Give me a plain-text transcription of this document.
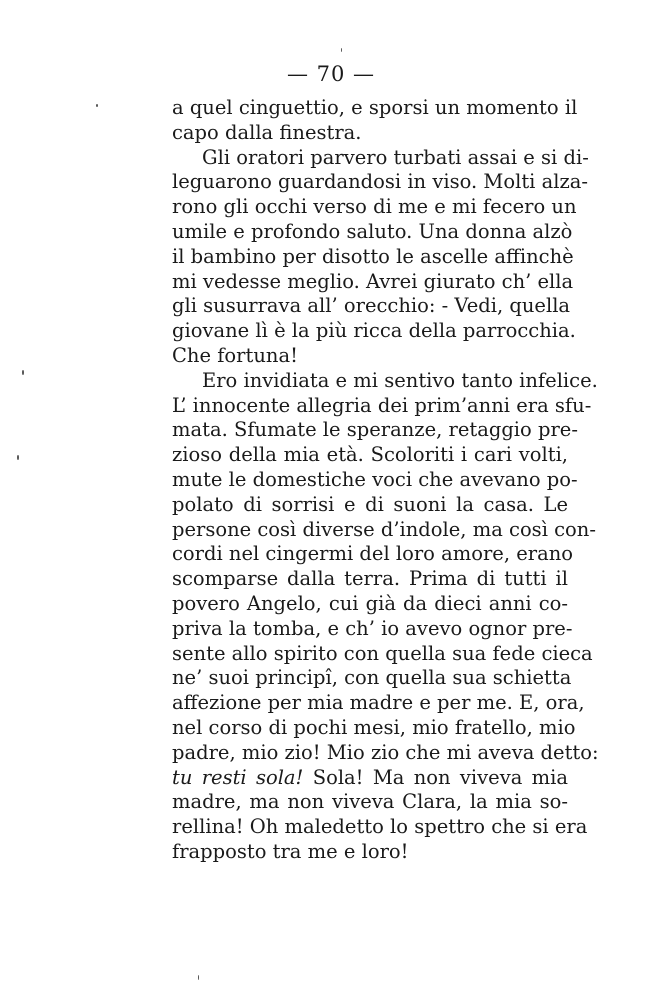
— 70 —
a quel cinguettio, e sporsi un momento il
capo dalla finestra.
Gli oratori parvero turbati assai e si di-
leguarono guardandosi in viso. Molti alza-
rono gli occhi verso di me e mi fecero un
umile e profondo saluto. Una donna alzò
il bambino per disotto le ascelle affinchè
mi vedesse meglio. Avrei giurato ch’ ella
gli susurrava all’ orecchio: - Vedi, quella
giovane lì è la più ricca della parrocchia.
Che fortuna!
Ero invidiata e mi sentivo tanto infelice.
L’ innocente allegria dei prim’anni era sfu-
mata. Sfumate le speranze, retaggio pre-
zioso della mia età. Scoloriti i cari volti,
mute le domestiche voci che avevano po-
polato di sorrisi e di suoni la casa. Le
persone così diverse d’indole, ma così con-
cordi nel cingermi del loro amore, erano
scomparse dalla terra. Prima di tutti il
povero Angelo, cui già da dieci anni co-
priva la tomba, e ch’ io avevo ognor pre-
sente allo spirito con quella sua fede cieca
ne’ suoi principî, con quella sua schietta
affezione per mia madre e per me. E, ora,
nel corso di pochi mesi, mio fratello, mio
padre, mio zio! Mio zio che mi aveva detto:
tu resti sola! Sola! Ma non viveva mia
madre, ma non viveva Clara, la mia so-
rellina! Oh maledetto lo spettro che si era
frapposto tra me e loro!
